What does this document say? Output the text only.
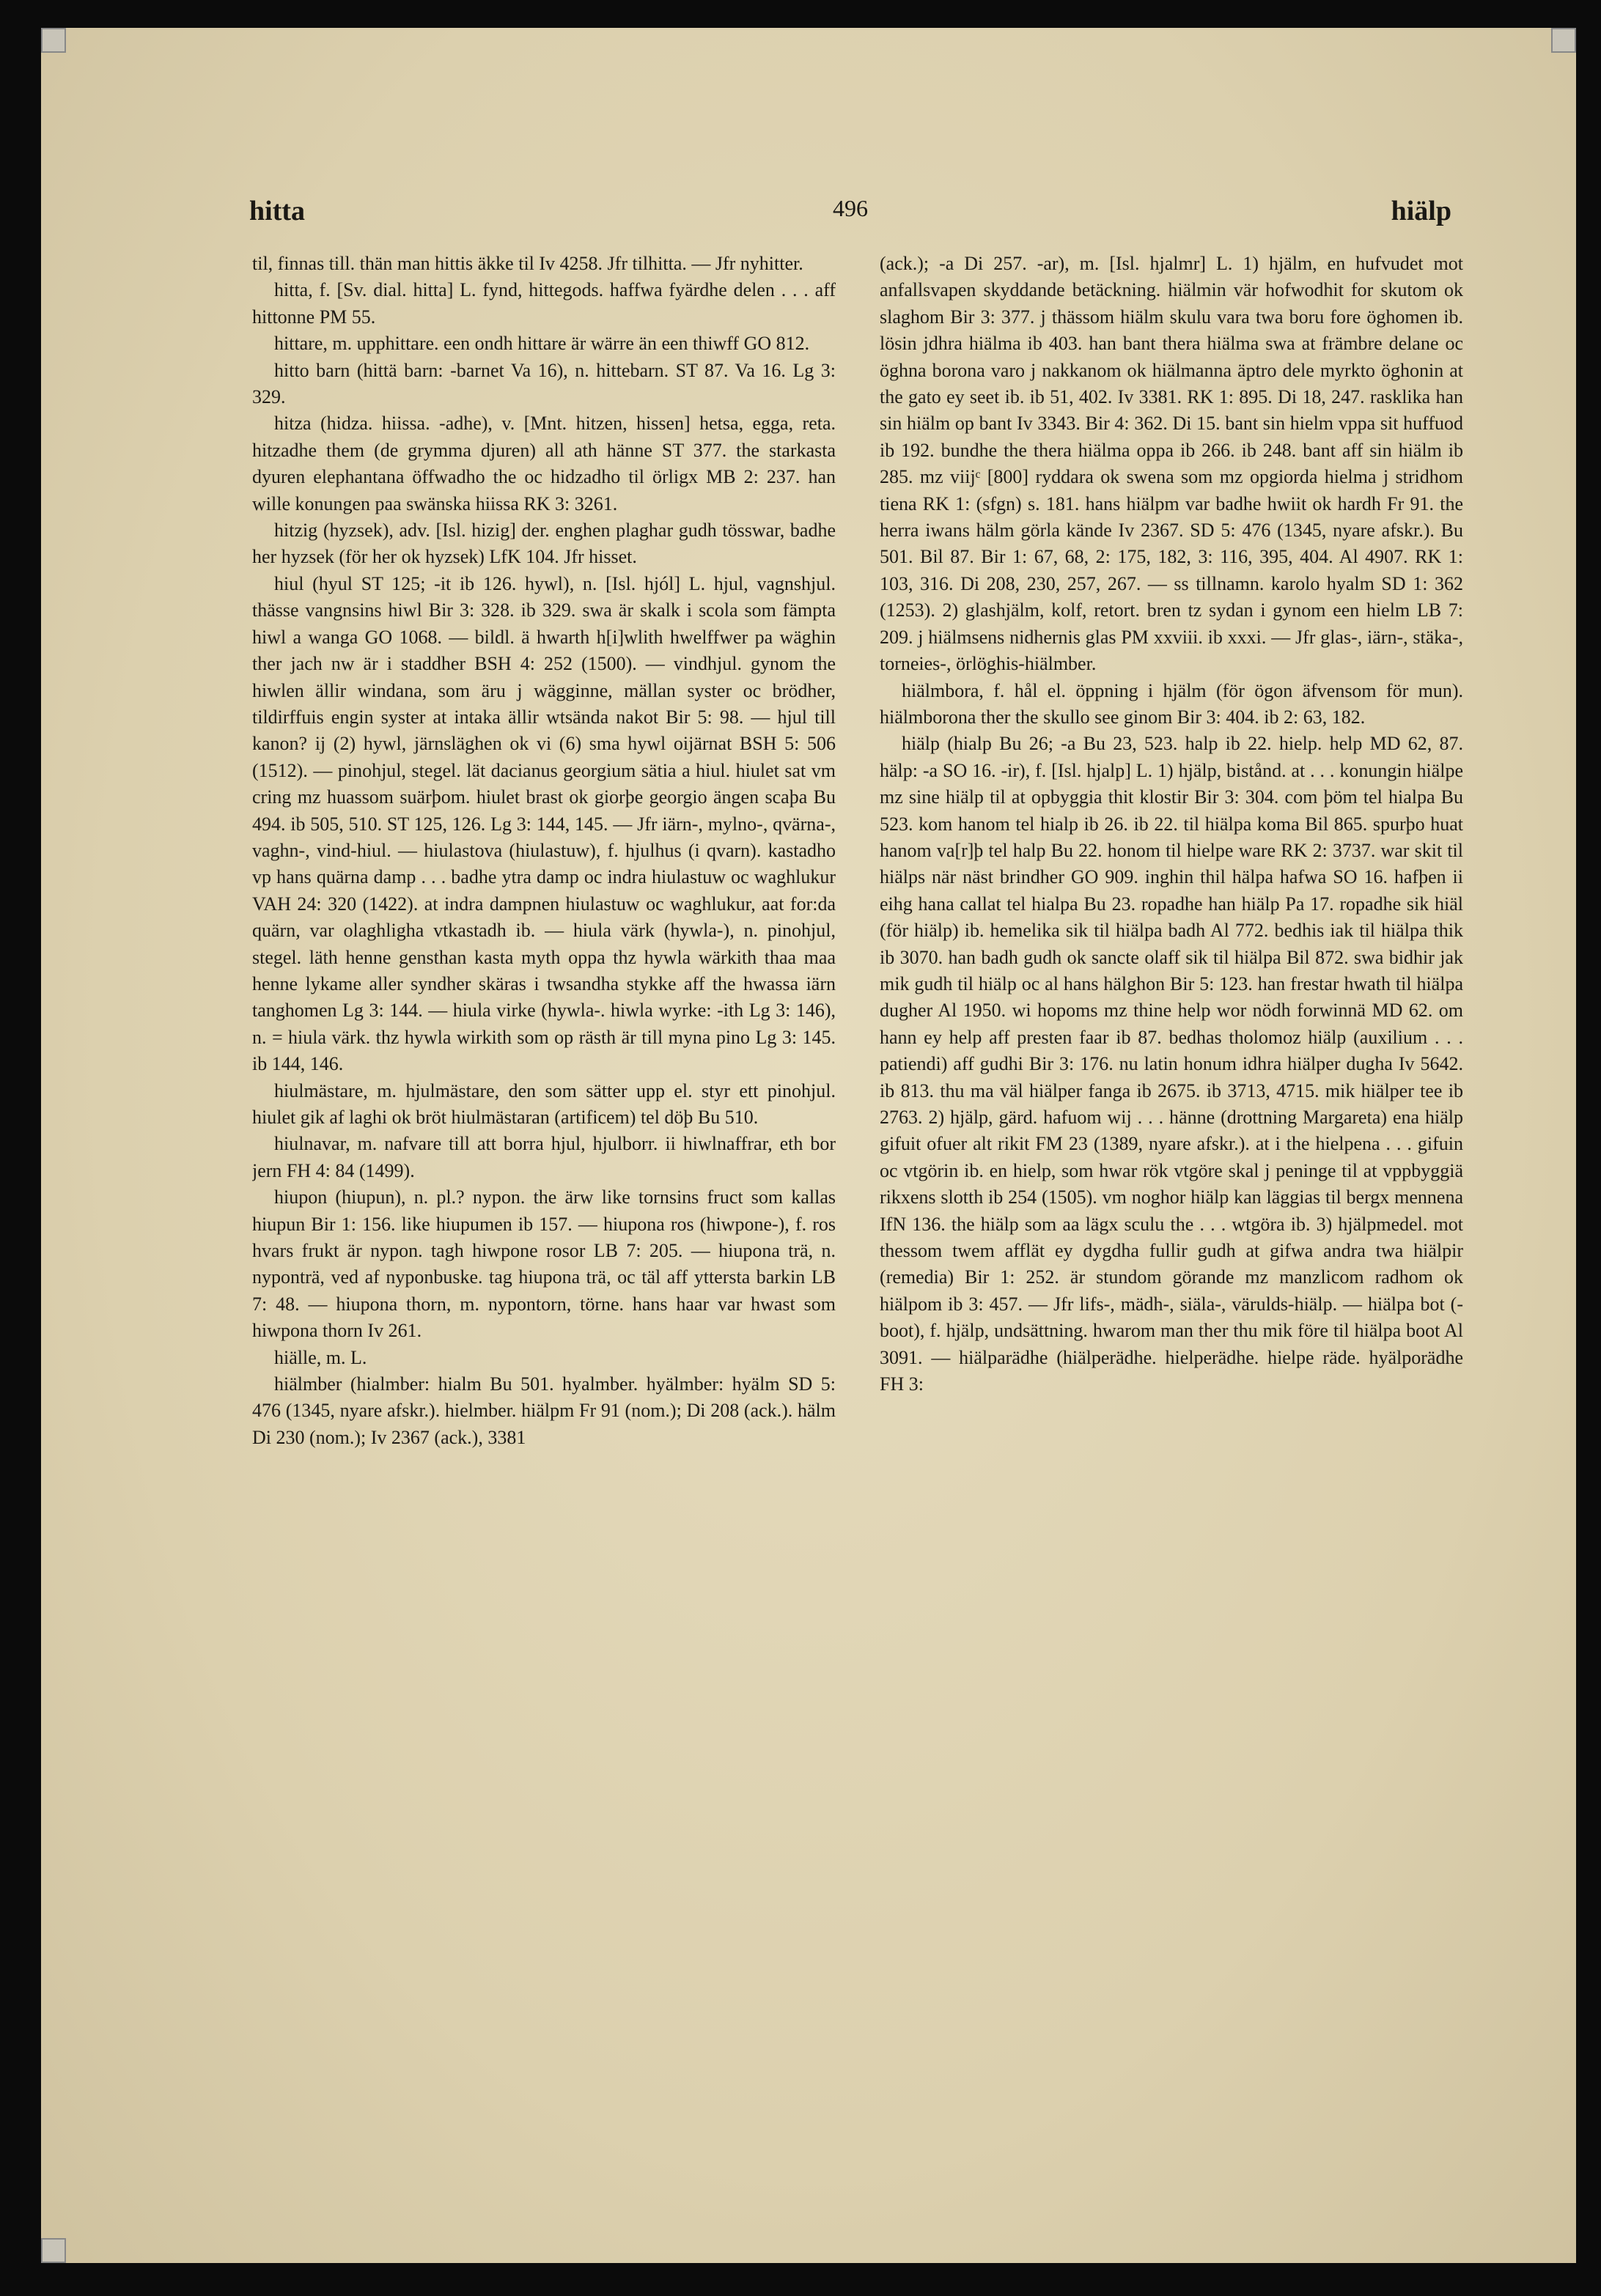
hitta	496	hiälp

til, finnas till. thän man hittis äkke til Iv 4258. Jfr tilhitta. — Jfr nyhitter.

hitta, f. [Sv. dial. hitta] L. fynd, hittegods. haffwa fyärdhe delen . . . aff hittonne PM 55.

hittare, m. upphittare. een ondh hittare är wärre än een thiwff GO 812.

hitto barn (hittä barn: -barnet Va 16), n. hittebarn. ST 87. Va 16. Lg 3: 329.

hitza (hidza. hiissa. -adhe), v. [Mnt. hitzen, hissen] hetsa, egga, reta. hitzadhe them (de grymma djuren) all ath hänne ST 377. the starkasta dyuren elephantana öffwadho the oc hidzadho til örligx MB 2: 237. han wille konungen paa swänska hiissa RK 3: 3261.

hitzig (hyzsek), adv. [Isl. hizig] der. enghen plaghar gudh tösswar, badhe her hyzsek (för her ok hyzsek) LfK 104. Jfr hisset.

hiul (hyul ST 125; -it ib 126. hywl), n. [Isl. hjól] L. hjul, vagnshjul. thässe vangnsins hiwl Bir 3: 328. ib 329. swa är skalk i scola som fämpta hiwl a wanga GO 1068. — bildl. ä hwarth h[i]wlith hwelffwer pa wäghin ther jach nw är i staddher BSH 4: 252 (1500). — vindhjul. gynom the hiwlen ällir windana, som äru j wägginne, mällan syster oc brödher, tildirffuis engin syster at intaka ällir wtsända nakot Bir 5: 98. — hjul till kanon? ij (2) hywl, järnsläghen ok vi (6) sma hywl oijärnat BSH 5: 506 (1512). — pinohjul, stegel. lät dacianus georgium sätia a hiul. hiulet sat vm cring mz huassom suärþom. hiulet brast ok giorþe georgio ängen scaþa Bu 494. ib 505, 510. ST 125, 126. Lg 3: 144, 145. — Jfr iärn-, mylno-, qvärna-, vaghn-, vind-hiul. — hiulastova (hiulastuw), f. hjulhus (i qvarn). kastadho vp hans quärna damp . . . badhe ytra damp oc indra hiulastuw oc waghlukur VAH 24: 320 (1422). at indra dampnen hiulastuw oc waghlukur, aat for:da quärn, var olaghligha vtkastadh ib. — hiula värk (hywla-), n. pinohjul, stegel. läth henne gensthan kasta myth oppa thz hywla wärkith thaa maa henne lykame aller syndher skäras i twsandha stykke aff the hwassa iärn tanghomen Lg 3: 144. — hiula virke (hywla-. hiwla wyrke: -ith Lg 3: 146), n. = hiula värk. thz hywla wirkith som op rästh är till myna pino Lg 3: 145. ib 144, 146.

hiulmästare, m. hjulmästare, den som sätter upp el. styr ett pinohjul. hiulet gik af laghi ok bröt hiulmästaran (artificem) tel döþ Bu 510.

hiulnavar, m. nafvare till att borra hjul, hjulborr. ii hiwlnaffrar, eth bor jern FH 4: 84 (1499).

hiupon (hiupun), n. pl.? nypon. the ärw like tornsins fruct som kallas hiupun Bir 1: 156. like hiupumen ib 157. — hiupona ros (hiwpone-), f. ros hvars frukt är nypon. tagh hiwpone rosor LB 7: 205. — hiupona trä, n. nyponträ, ved af nyponbuske. tag hiupona trä, oc täl aff yttersta barkin LB 7: 48. — hiupona thorn, m. nypontorn, törne. hans haar var hwast som hiwpona thorn Iv 261.

hiälle, m. L.

hiälmber (hialmber: hialm Bu 501. hyalmber. hyälmber: hyälm SD 5: 476 (1345, nyare afskr.). hielmber. hiälpm Fr 91 (nom.); Di 208 (ack.). hälm Di 230 (nom.); Iv 2367 (ack.), 3381

(ack.); -a Di 257. -ar), m. [Isl. hjalmr] L. 1) hjälm, en hufvudet mot anfallsvapen skyddande betäckning. hiälmin vär hofwodhit for skutom ok slaghom Bir 3: 377. j thässom hiälm skulu vara twa boru fore öghomen ib. lösin jdhra hiälma ib 403. han bant thera hiälma swa at främbre delane oc öghna borona varo j nakkanom ok hiälmanna äptro dele myrkto öghonin at the gato ey seet ib. ib 51, 402. Iv 3381. RK 1: 895. Di 18, 247. rasklika han sin hiälm op bant Iv 3343. Bir 4: 362. Di 15. bant sin hielm vppa sit huffuod ib 192. bundhe the thera hiälma oppa ib 266. ib 248. bant aff sin hiälm ib 285. mz viijᶜ [800] ryddara ok swena som mz opgiorda hielma j stridhom tiena RK 1: (sfgn) s. 181. hans hiälpm var badhe hwiit ok hardh Fr 91. the herra iwans hälm görla kände Iv 2367. SD 5: 476 (1345, nyare afskr.). Bu 501. Bil 87. Bir 1: 67, 68, 2: 175, 182, 3: 116, 395, 404. Al 4907. RK 1: 103, 316. Di 208, 230, 257, 267. — ss tillnamn. karolo hyalm SD 1: 362 (1253). 2) glashjälm, kolf, retort. bren tz sydan i gynom een hielm LB 7: 209. j hiälmsens nidhernis glas PM xxviii. ib xxxi. — Jfr glas-, iärn-, stäka-, torneies-, örlöghis-hiälmber.

hiälmbora, f. hål el. öppning i hjälm (för ögon äfvensom för mun). hiälmborona ther the skullo see ginom Bir 3: 404. ib 2: 63, 182.

hiälp (hialp Bu 26; -a Bu 23, 523. halp ib 22. hielp. help MD 62, 87. hälp: -a SO 16. -ir), f. [Isl. hjalp] L. 1) hjälp, bistånd. at . . . konungin hiälpe mz sine hiälp til at opbyggia thit klostir Bir 3: 304. com þöm tel hialpa Bu 523. kom hanom tel hialp ib 26. ib 22. til hiälpa koma Bil 865. spurþo huat hanom va[r]þ tel halp Bu 22. honom til hielpe ware RK 2: 3737. war skit til hiälps när näst brindher GO 909. inghin thil hälpa hafwa SO 16. hafþen ii eihg hana callat tel hialpa Bu 23. ropadhe han hiälp Pa 17. ropadhe sik hiäl (för hiälp) ib. hemelika sik til hiälpa badh Al 772. bedhis iak til hiälpa thik ib 3070. han badh gudh ok sancte olaff sik til hiälpa Bil 872. swa bidhir jak mik gudh til hiälp oc al hans hälghon Bir 5: 123. han frestar hwath til hiälpa dugher Al 1950. wi hopoms mz thine help wor nödh forwinnä MD 62. om hann ey help aff presten faar ib 87. bedhas tholomoz hiälp (auxilium . . . patiendi) aff gudhi Bir 3: 176. nu latin honum idhra hiälper dugha Iv 5642. ib 813. thu ma väl hiälper fanga ib 2675. ib 3713, 4715. mik hiälper tee ib 2763. 2) hjälp, gärd. hafuom wij . . . hänne (drottning Margareta) ena hiälp gifuit ofuer alt rikit FM 23 (1389, nyare afskr.). at i the hielpena . . . gifuin oc vtgörin ib. en hielp, som hwar rök vtgöre skal j peninge til at vppbyggiä rikxens slotth ib 254 (1505). vm noghor hiälp kan läggias til bergx mennena IfN 136. the hiälp som aa lägx sculu the . . . wtgöra ib. 3) hjälpmedel. mot thessom twem afflät ey dygdha fullir gudh at gifwa andra twa hiälpir (remedia) Bir 1: 252. är stundom görande mz manzlicom radhom ok hiälpom ib 3: 457. — Jfr lifs-, mädh-, siäla-, värulds-hiälp. — hiälpa bot (-boot), f. hjälp, undsättning. hwarom man ther thu mik före til hiälpa boot Al 3091. — hiälparädhe (hiälperädhe. hielperädhe. hielpe räde. hyälporädhe FH 3:
